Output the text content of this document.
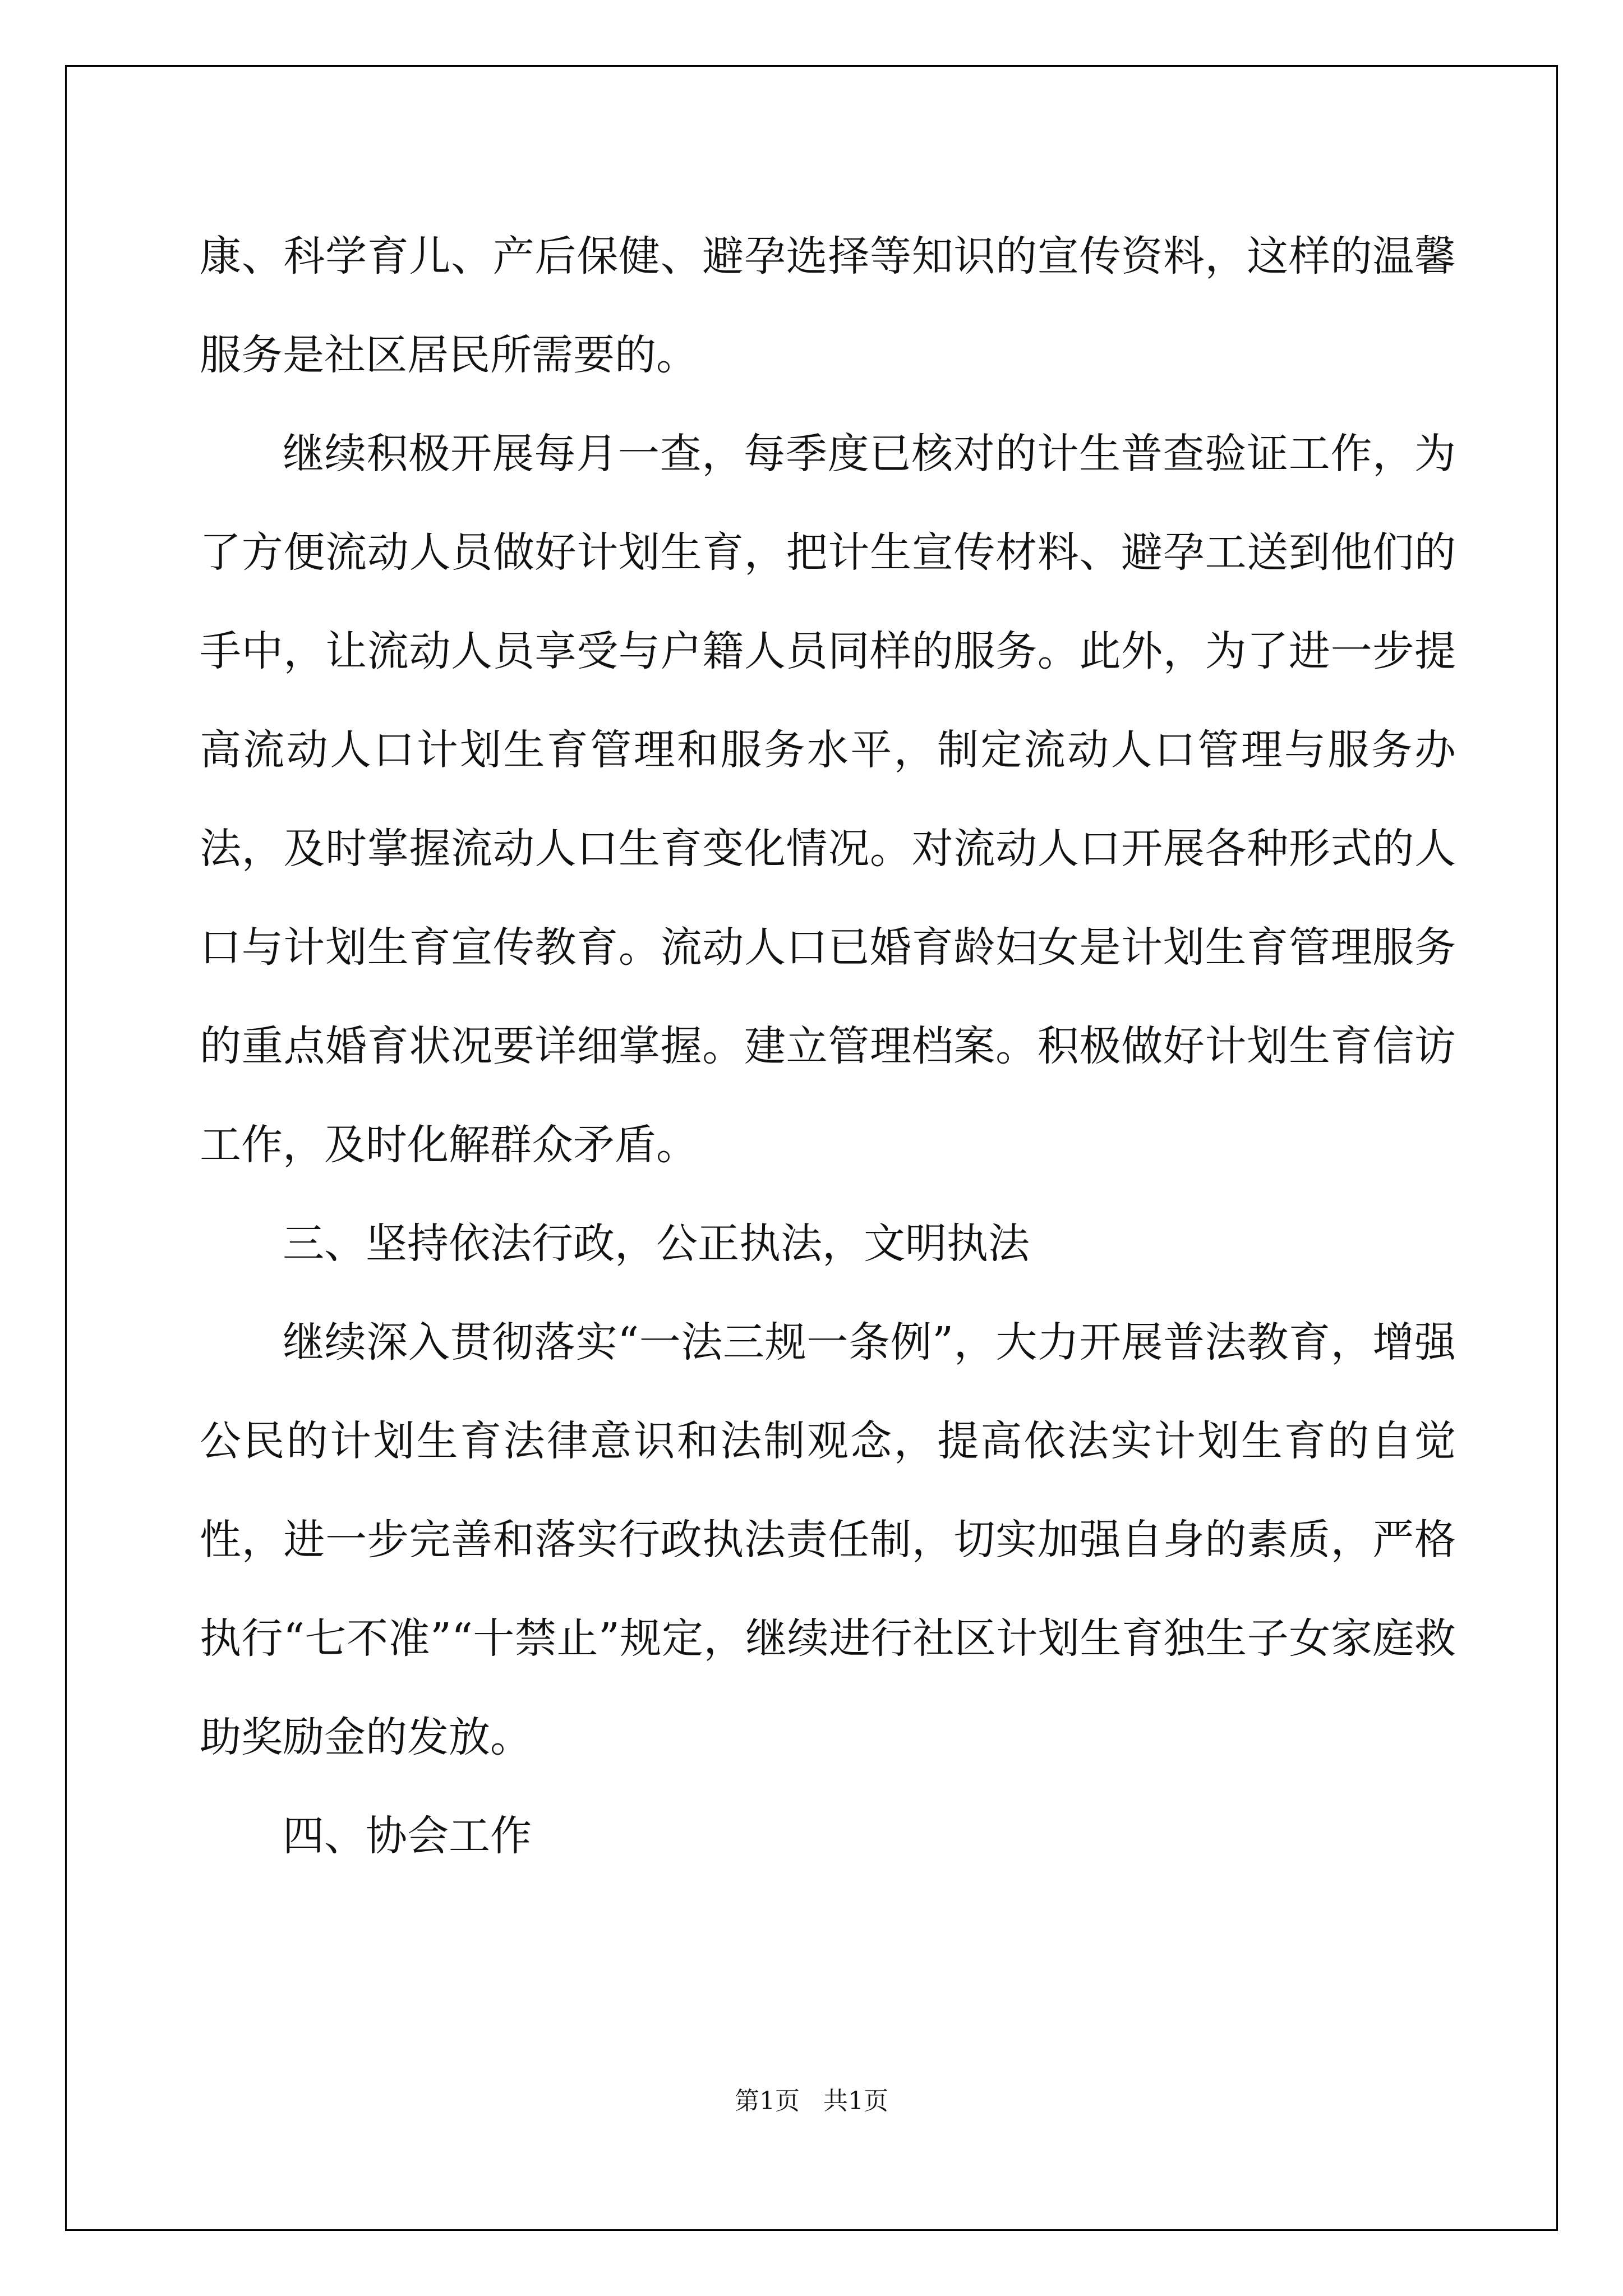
康、科学育儿、产后保健、避孕选择等知识的宣传资料，这样的温馨服务是社区居民所需要的。

继续积极开展每月一查，每季度已核对的计生普查验证工作，为了方便流动人员做好计划生育，把计生宣传材料、避孕工送到他们的手中，让流动人员享受与户籍人员同样的服务。此外，为了进一步提高流动人口计划生育管理和服务水平，制定流动人口管理与服务办法，及时掌握流动人口生育变化情况。对流动人口开展各种形式的人口与计划生育宣传教育。流动人口已婚育龄妇女是计划生育管理服务的重点婚育状况要详细掌握。建立管理档案。积极做好计划生育信访工作，及时化解群众矛盾。

三、坚持依法行政，公正执法，文明执法

继续深入贯彻落实“一法三规一条例”，大力开展普法教育，增强公民的计划生育法律意识和法制观念，提高依法实计划生育的自觉性，进一步完善和落实行政执法责任制，切实加强自身的素质，严格执行“七不准”“十禁止”规定，继续进行社区计划生育独生子女家庭救助奖励金的发放。

四、协会工作

第1页   共1页
